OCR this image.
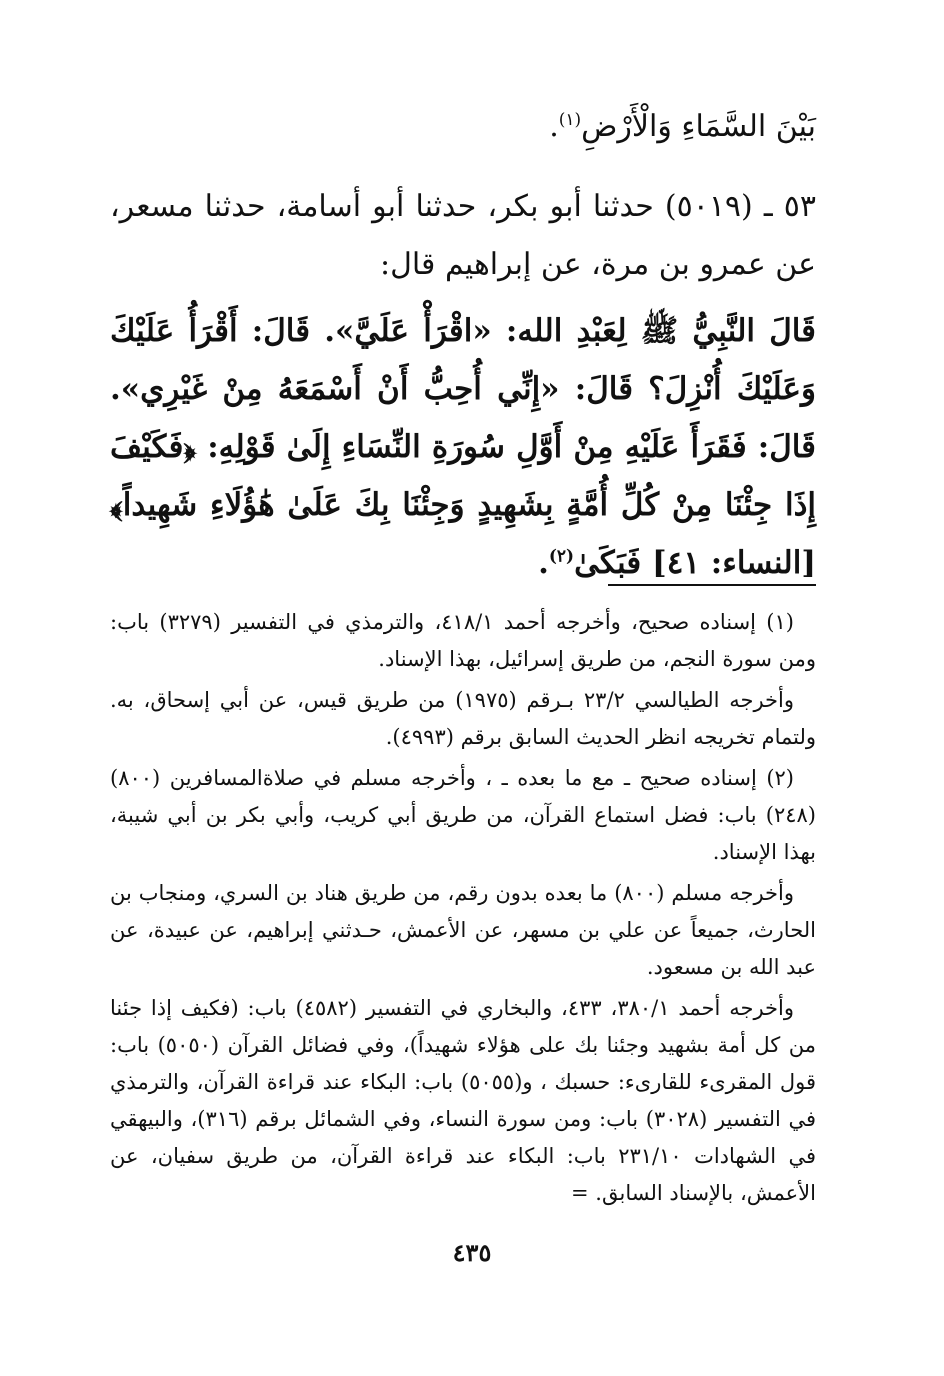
بَيْنَ السَّمَاءِ وَالْأَرْضِ$^{(١)}$.

٥٣ ـ (٥٠١٩) حدثنا أبو بكر، حدثنا أبو أسامة، حدثنا مسعر، عن عمرو بن مرة، عن إبراهيم قال:

قَالَ النَّبِيُّ ﷺ لِعَبْدِ الله: «اقْرَأْ عَلَيَّ». قَالَ: أَقْرَأُ عَلَيْكَ وَعَلَيْكَ أُنْزِلَ؟ قَالَ: «إِنِّي أُحِبُّ أَنْ أَسْمَعَهُ مِنْ غَيْرِي». قَالَ: فَقَرَأَ عَلَيْهِ مِنْ أَوَّلِ سُورَةِ النِّسَاءِ إِلَىٰ قَوْلِهِ: ﴿فَكَيْفَ إِذَا جِئْنَا مِنْ كُلِّ أُمَّةٍ بِشَهِيدٍ وَجِئْنَا بِكَ عَلَىٰ هَٰؤُلَاءِ شَهِيداً﴾ [النساء: ٤١] فَبَكَىٰ$^{(٢)}$.

(١) إسناده صحيح، وأخرجه أحمد ٤١٨/١، والترمذي في التفسير (٣٢٧٩) باب: ومن سورة النجم، من طريق إسرائيل، بهذا الإسناد.

وأخرجه الطيالسي ٢٣/٢ بـرقم (١٩٧٥) من طريق قيس، عن أبي إسحاق، به. ولتمام تخريجه انظر الحديث السابق برقم (٤٩٩٣).

(٢) إسناده صحيح ـ مع ما بعده ـ ، وأخرجه مسلم في صلاةالمسافرين (٨٠٠) (٢٤٨) باب: فضل استماع القرآن، من طريق أبي كريب، وأبي بكر بن أبي شيبة، بهذا الإسناد.

وأخرجه مسلم (٨٠٠) ما بعده بدون رقم، من طريق هناد بن السري، ومنجاب بن الحارث، جميعاً عن علي بن مسهر، عن الأعمش، حـدثني إبراهيم، عن عبيدة، عن عبد الله بن مسعود.

وأخرجه أحمد ٣٨٠/١، ٤٣٣، والبخاري في التفسير (٤٥٨٢) باب: (فكيف إذا جئنا من كل أمة بشهيد وجئنا بك على هؤلاء شهيداً)، وفي فضائل القرآن (٥٠٥٠) باب: قول المقرىء للقارىء: حسبك ، و(٥٠٥٥) باب: البكاء عند قراءة القرآن، والترمذي في التفسير (٣٠٢٨) باب: ومن سورة النساء، وفي الشمائل برقم (٣١٦)، والبيهقي في الشهادات ٢٣١/١٠ باب: البكاء عند قراءة القرآن، من طريق سفيان، عن الأعمش، بالإسناد السابق. =

٤٣٥
